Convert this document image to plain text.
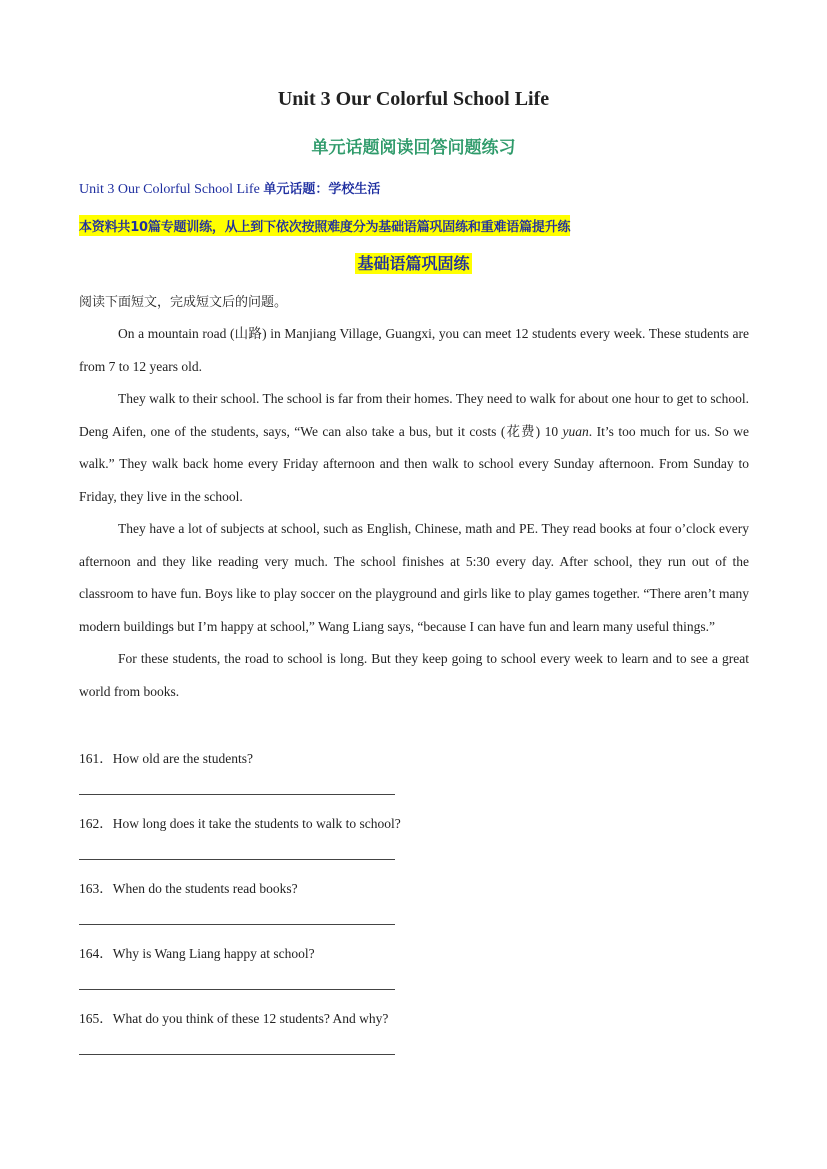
Unit 3 Our Colorful School Life
单元话题阅读回答问题练习
Unit 3 Our Colorful School Life 单元话题：学校生活
本资料共10篇专题训练，从上到下依次按照难度分为基础语篇巩固练和重难语篇提升练
基础语篇巩固练
阅读下面短文，完成短文后的问题。

On a mountain road (山路) in Manjiang Village, Guangxi, you can meet 12 students every week. These students are from 7 to 12 years old.

They walk to their school. The school is far from their homes. They need to walk for about one hour to get to school. Deng Aifen, one of the students, says, “We can also take a bus, but it costs (花费) 10 yuan. It’s too much for us. So we walk.” They walk back home every Friday afternoon and then walk to school every Sunday afternoon. From Sunday to Friday, they live in the school.

They have a lot of subjects at school, such as English, Chinese, math and PE. They read books at four o’clock every afternoon and they like reading very much. The school finishes at 5:30 every day. After school, they run out of the classroom to have fun. Boys like to play soccer on the playground and girls like to play games together. “There aren’t many modern buildings but I’m happy at school,” Wang Liang says, “because I can have fun and learn many useful things.”

For these students, the road to school is long. But they keep going to school every week to learn and to see a great world from books.

161．How old are the students?
162．How long does it take the students to walk to school?
163．When do the students read books?
164．Why is Wang Liang happy at school?
165．What do you think of these 12 students? And why?
